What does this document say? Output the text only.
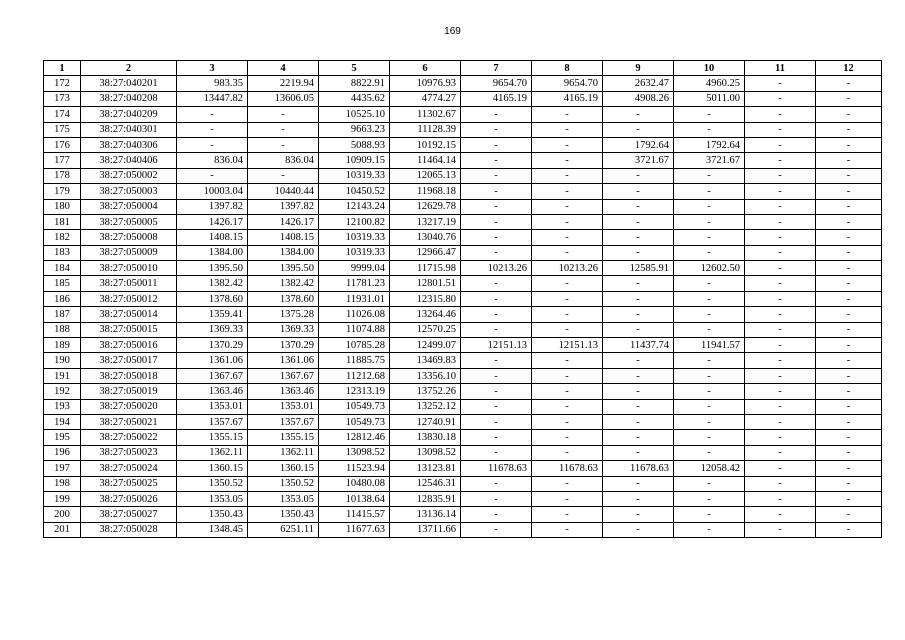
169
1	2	3	4	5	6	7	8	9	10	11	12
172	38:27:040201	983.35	2219.94	8822.91	10976.93	9654.70	9654.70	2632.47	4960.25	-	-
173	38:27:040208	13447.82	13606.05	4435.62	4774.27	4165.19	4165.19	4908.26	5011.00	-	-
174	38:27:040209	-	-	10525.10	11302.67	-	-	-	-	-	-
175	38:27:040301	-	-	9663.23	11128.39	-	-	-	-	-	-
176	38:27:040306	-	-	5088.93	10192.15	-	-	1792.64	1792.64	-	-
177	38:27:040406	836.04	836.04	10909.15	11464.14	-	-	3721.67	3721.67	-	-
178	38:27:050002	-	-	10319.33	12065.13	-	-	-	-	-	-
179	38:27:050003	10003.04	10440.44	10450.52	11968.18	-	-	-	-	-	-
180	38:27:050004	1397.82	1397.82	12143.24	12629.78	-	-	-	-	-	-
181	38:27:050005	1426.17	1426.17	12100.82	13217.19	-	-	-	-	-	-
182	38:27:050008	1408.15	1408.15	10319.33	13040.76	-	-	-	-	-	-
183	38:27:050009	1384.00	1384.00	10319.33	12966.47	-	-	-	-	-	-
184	38:27:050010	1395.50	1395.50	9999.04	11715.98	10213.26	10213.26	12585.91	12602.50	-	-
185	38:27:050011	1382.42	1382.42	11781.23	12801.51	-	-	-	-	-	-
186	38:27:050012	1378.60	1378.60	11931.01	12315.80	-	-	-	-	-	-
187	38:27:050014	1359.41	1375.28	11026.08	13264.46	-	-	-	-	-	-
188	38:27:050015	1369.33	1369.33	11074.88	12570.25	-	-	-	-	-	-
189	38:27:050016	1370.29	1370.29	10785.28	12499.07	12151.13	12151.13	11437.74	11941.57	-	-
190	38:27:050017	1361.06	1361.06	11885.75	13469.83	-	-	-	-	-	-
191	38:27:050018	1367.67	1367.67	11212.68	13356.10	-	-	-	-	-	-
192	38:27:050019	1363.46	1363.46	12313.19	13752.26	-	-	-	-	-	-
193	38:27:050020	1353.01	1353.01	10549.73	13252.12	-	-	-	-	-	-
194	38:27:050021	1357.67	1357.67	10549.73	12740.91	-	-	-	-	-	-
195	38:27:050022	1355.15	1355.15	12812.46	13830.18	-	-	-	-	-	-
196	38:27:050023	1362.11	1362.11	13098.52	13098.52	-	-	-	-	-	-
197	38:27:050024	1360.15	1360.15	11523.94	13123.81	11678.63	11678.63	11678.63	12058.42	-	-
198	38:27:050025	1350.52	1350.52	10480.08	12546.31	-	-	-	-	-	-
199	38:27:050026	1353.05	1353.05	10138.64	12835.91	-	-	-	-	-	-
200	38:27:050027	1350.43	1350.43	11415.57	13136.14	-	-	-	-	-	-
201	38:27:050028	1348.45	6251.11	11677.63	13711.66	-	-	-	-	-	-
